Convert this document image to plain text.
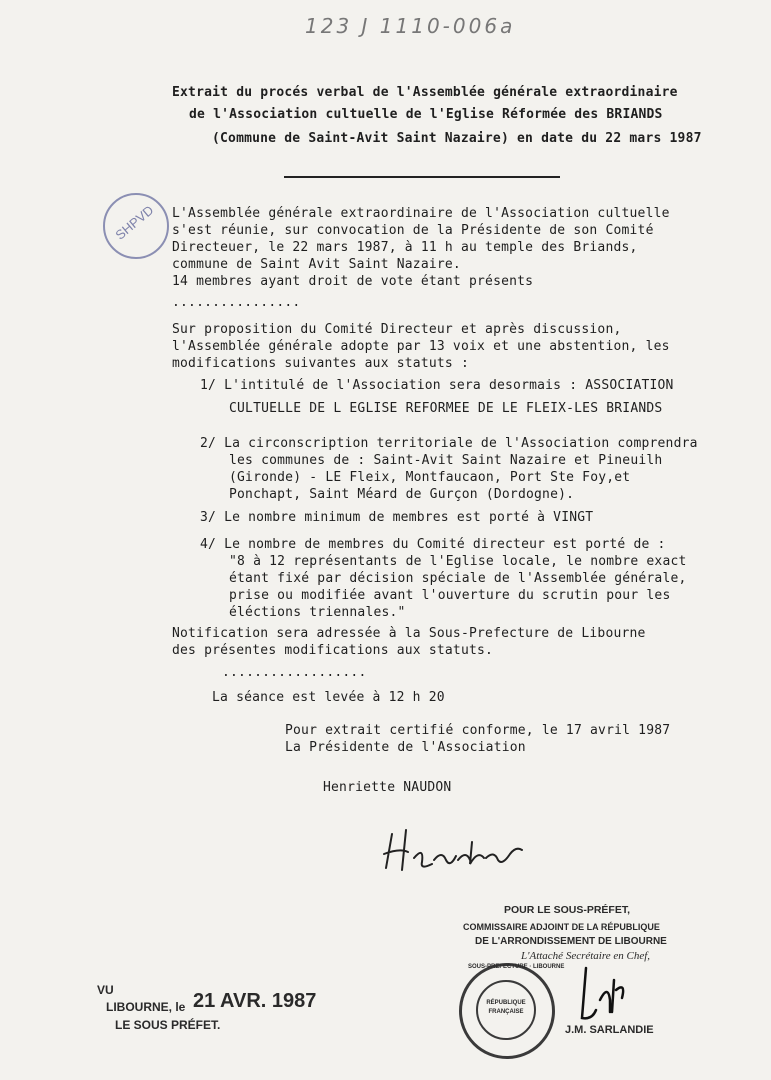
123 J 1110-006a
Extrait du procés verbal de l'Assemblée générale extraordinaire
de l'Association cultuelle de l'Eglise Réformée des BRIANDS
(Commune de Saint-Avit Saint Nazaire) en date du 22 mars 1987
SHPVD L'Assemblée générale extraordinaire de l'Association cultuelle
s'est réunie, sur convocation de la Présidente de son Comité
Directeuer, le 22 mars 1987, à 11 h au temple des Briands,
commune de Saint Avit Saint Nazaire.
14 membres ayant droit de vote étant présents
................
Sur proposition du Comité Directeur et après discussion,
l'Assemblée générale adopte par 13 voix et une abstention, les
modifications suivantes aux statuts :
1/ L'intitulé de l'Association sera desormais : ASSOCIATION
CULTUELLE DE L EGLISE REFORMEE DE LE FLEIX-LES BRIANDS
2/ La circonscription territoriale de l'Association comprendra
les communes de : Saint-Avit Saint Nazaire et Pineuilh
(Gironde) - LE Fleix, Montfaucaon, Port Ste Foy,et
Ponchapt, Saint Méard de Gurçon (Dordogne).
3/ Le nombre minimum de membres est porté à VINGT
4/ Le nombre de membres du Comité directeur est porté de :
"8 à 12 représentants de l'Eglise locale, le nombre exact
étant fixé par décision spéciale de l'Assemblée générale,
prise ou modifiée avant l'ouverture du scrutin pour les
éléctions triennales."
Notification sera adressée à la Sous-Prefecture de Libourne
des présentes modifications aux statuts.
..................
La séance est levée à 12 h 20
Pour extrait certifié conforme, le 17 avril 1987
La Présidente de l'Association
Henriette NAUDON
POUR LE SOUS-PRÉFET,
COMMISSAIRE ADJOINT DE LA RÉPUBLIQUE
DE L'ARRONDISSEMENT DE LIBOURNE
L'Attaché Secrétaire en Chef,
SOUS-PREFECTURE · LIBOURNE
RÉPUBLIQUE
FRANÇAISE
J.M. SARLANDIE
VU
LIBOURNE, le 21 AVR. 1987
LE SOUS PRÉFET.
